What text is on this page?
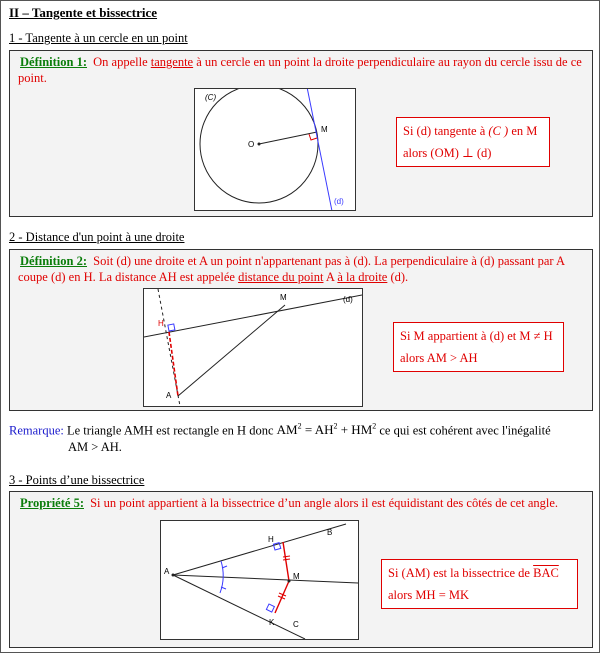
II – Tangente et bissectrice
1 - Tangente à un cercle en un point
Définition 1: On appelle tangente à un cercle en un point la droite perpendiculaire au rayon du cercle issu de ce point.
(C)
O
M
(d)
Si (d) tangente à (C ) en M
alors (OM) ⊥ (d)
2 - Distance d'un point à une droite
Définition 2: Soit (d) une droite et A un point n'appartenant pas à (d). La perpendiculaire à (d) passant par A coupe (d) en H. La distance AH est appelée distance du point A à la droite (d).
H
M
A
(d)
Si M appartient à (d) et M ≠ H
alors AM > AH
Remarque: Le triangle AMH est rectangle en H donc $AM^2 = AH^2 + HM^2$ ce qui est cohérent avec l'inégalité
AM > AH.
3 - Points d’une bissectrice
Propriété 5: Si un point appartient à la bissectrice d’un angle alors il est équidistant des côtés de cet angle.
A
H
B
M
K C
Si (AM) est la bissectrice de $\overline{BAC}$
alors MH = MK
